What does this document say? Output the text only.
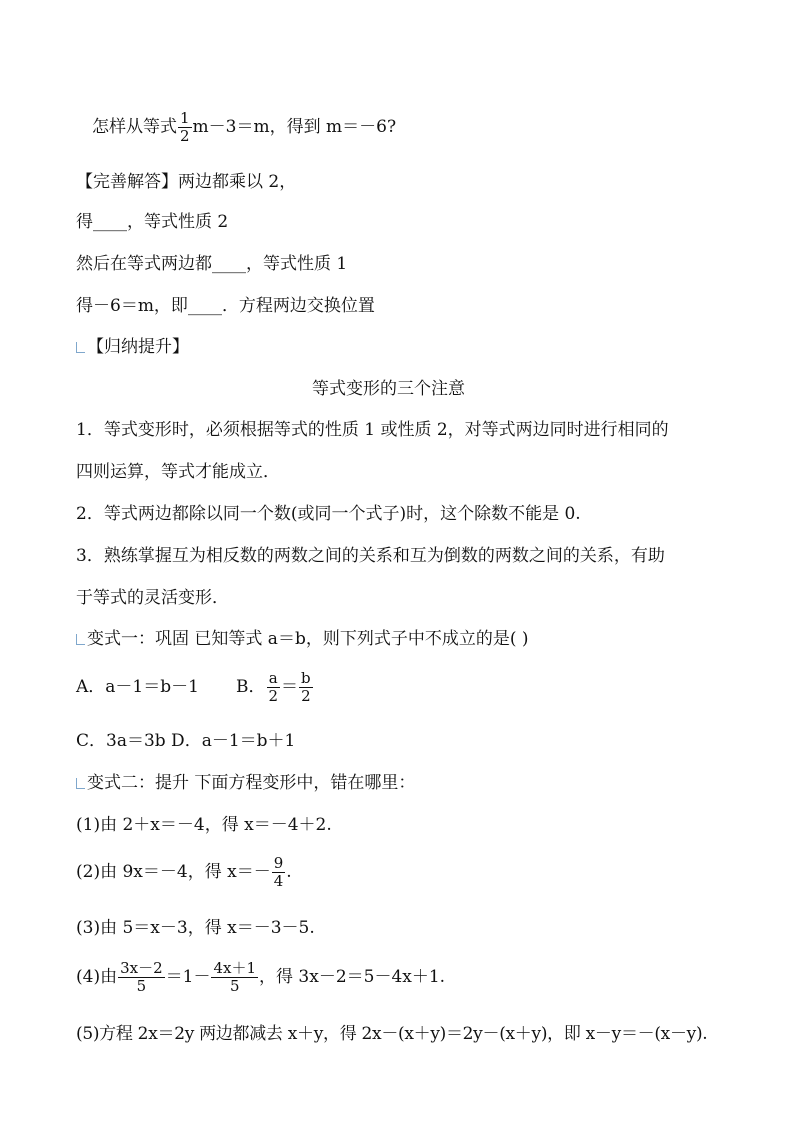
怎样从等式 $\frac{1}{2} m-3=m$，得到 m＝－6?
【完善解答】两边都乘以 2，
得____，等式性质 2
然后在等式两边都____，等式性质 1
得－6＝m，即____．方程两边交换位置
【归纳提升】
等式变形的三个注意
1．等式变形时，必须根据等式的性质 1 或性质 2，对等式两边同时进行相同的
四则运算，等式才能成立．
2．等式两边都除以同一个数(或同一个式子)时，这个除数不能是 0.
3．熟练掌握互为相反数的两数之间的关系和互为倒数的两数之间的关系，有助
于等式的灵活变形．
变式一：巩固 已知等式 a＝b，则下列式子中不成立的是( )
A．a－1＝b－1 B． $\frac{a}{2} = \frac{b}{2}$
C．3a＝3b D．a－1＝b＋1
变式二：提升 下面方程变形中，错在哪里：
(1)由 2＋x＝－4，得 x＝－4＋2.
(2)由 9x＝－4，得 $x=- \frac{9}{4}$ .
(3)由 5＝x－3，得 x＝－3－5.
(4)由 $\frac{3x-2}{5} =1- \frac{4x+1}{5}$ ，得 3x－2＝5－4x＋1.
(5)方程 2x＝2y 两边都减去 x＋y，得 2x－(x＋y)＝2y－(x＋y)，即 x－y＝－(x－y).
